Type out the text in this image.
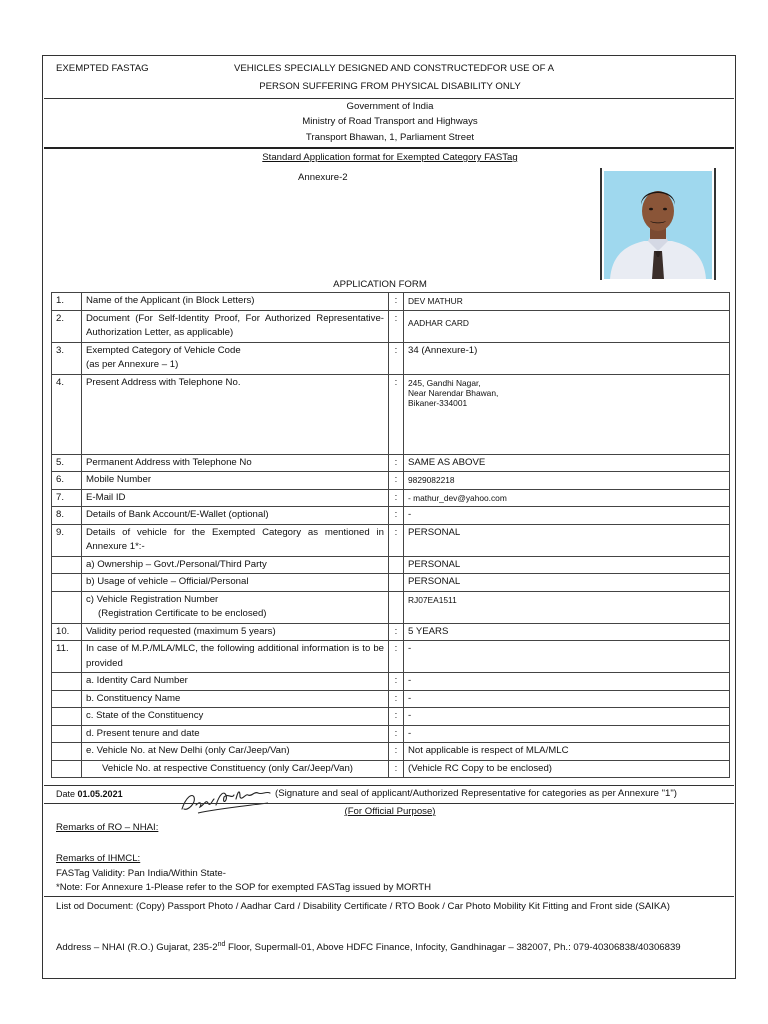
EXEMPTED FASTAG	VEHICLES SPECIALLY DESIGNED AND CONSTRUCTEDFOR USE OF A
PERSON SUFFERING FROM PHYSICAL DISABILITY ONLY
Government of India
Ministry of Road Transport and Highways
Transport Bhawan, 1, Parliament Street
Standard Application format for Exempted Category FASTag
Annexure-2
APPLICATION FORM
1.	Name of the Applicant (in Block Letters)	:	DEV MATHUR
2.	Document (For Self-Identity Proof, For Authorized Representative-Authorization Letter, as applicable)	:	AADHAR CARD
3.	Exempted Category of Vehicle Code
(as per Annexure – 1)	:	34 (Annexure-1)
4.	Present Address with Telephone No.	:	245, Gandhi Nagar,
Near Narendar Bhawan,
Bikaner-334001

5.	Permanent Address with Telephone No	:	SAME AS ABOVE
6.	Mobile Number	:	9829082218
7.	E-Mail ID	:	- mathur_dev@yahoo.com
8.	Details of Bank Account/E-Wallet (optional)	:	-
9.	Details of vehicle for the Exempted Category as mentioned in Annexure 1*:-	:	PERSONAL
	a) Ownership – Govt./Personal/Third Party		PERSONAL
	b) Usage of vehicle – Official/Personal		PERSONAL

	c) Vehicle Registration Number
(Registration Certificate to be enclosed)		RJ07EA1511
10.	Validity period requested (maximum 5 years)	:	5 YEARS
11.	In case of M.P./MLA/MLC, the following additional information is to be provided	:	-
	a. Identity Card Number	:	-
	b. Constituency Name	:	-
	c. State of the Constituency	:	-
	d. Present tenure and date	:	-
	e. Vehicle No. at New Delhi (only Car/Jeep/Van)	:	Not applicable is respect of MLA/MLC
	Vehicle No. at respective Constituency (only Car/Jeep/Van)	:	(Vehicle RC Copy to be enclosed)
Date 01.05.2021	(Signature and seal of applicant/Authorized Representative for categories as per Annexure "1")
(For Official Purpose)
Remarks of RO – NHAI:
Remarks of IHMCL:
FASTag Validity: Pan India/Within State-
*Note: For Annexure 1-Please refer to the SOP for exempted FASTag issued by MORTH
List od Document: (Copy) Passport Photo / Aadhar Card / Disability Certificate / RTO Book / Car Photo Mobility Kit Fitting and Front side (SAIKA)
Address – NHAI (R.O.) Gujarat, 235-2nd Floor, Supermall-01, Above HDFC Finance, Infocity, Gandhinagar – 382007, Ph.: 079-40306838/40306839
